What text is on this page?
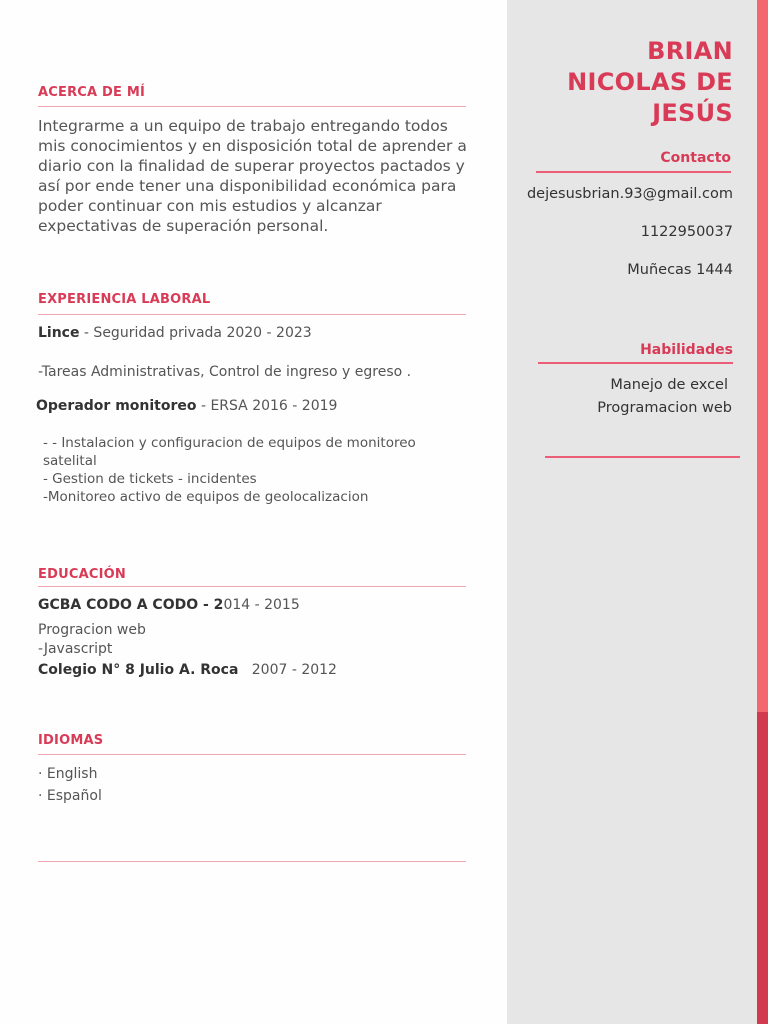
BRIAN
NICOLAS DE
JESÚS
Contacto
dejesusbrian.93@gmail.com
1122950037
Muñecas 1444
Habilidades
Manejo de excel
Programacion web
ACERCA DE MÍ
Integrarme a un equipo de trabajo entregando todos mis conocimientos y en disposición total de aprender a diario con la finalidad de superar proyectos pactados y así por ende tener una disponibilidad económica para poder continuar con mis estudios y alcanzar expectativas de superación personal.
EXPERIENCIA LABORAL
Lince - Seguridad privada 2020 - 2023
-Tareas Administrativas, Control de ingreso y egreso .
Operador monitoreo - ERSA 2016 - 2019
- - Instalacion y configuracion de equipos de monitoreo satelital
- Gestion de tickets - incidentes
-Monitoreo activo de equipos de geolocalizacion
EDUCACIÓN
GCBA CODO A CODO - 2014 - 2015
Progracion web
-Javascript
Colegio N° 8 Julio A. Roca   2007 - 2012
IDIOMAS
· English
· Español
